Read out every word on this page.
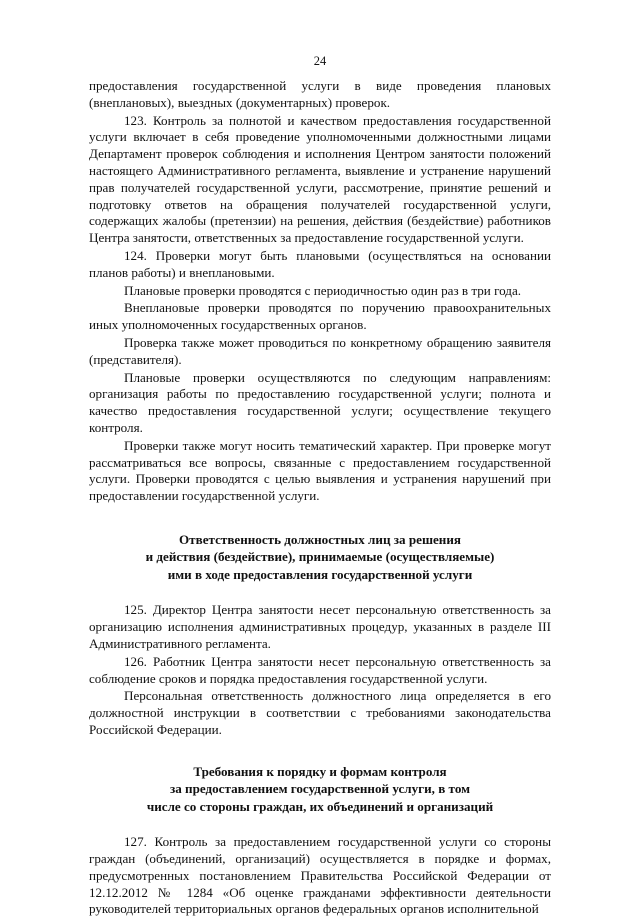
24

предоставления государственной услуги в виде проведения плановых (внеплановых), выездных (документарных) проверок.

123. Контроль за полнотой и качеством предоставления государственной услуги включает в себя проведение уполномоченными должностными лицами Департамент проверок соблюдения и исполнения Центром занятости положений настоящего Административного регламента, выявление и устранение нарушений прав получателей государственной услуги, рассмотрение, принятие решений и подготовку ответов на обращения получателей государственной услуги, содержащих жалобы (претензии) на решения, действия (бездействие) работников Центра занятости, ответственных за предоставление государственной услуги.

124. Проверки могут быть плановыми (осуществляться на основании планов работы) и внеплановыми.

Плановые проверки проводятся с периодичностью один раз в три года.

Внеплановые проверки проводятся по поручению правоохранительных иных уполномоченных государственных органов.

Проверка также может проводиться по конкретному обращению заявителя (представителя).

Плановые проверки осуществляются по следующим направлениям: организация работы по предоставлению государственной услуги; полнота и качество предоставления государственной услуги; осуществление текущего контроля.

Проверки также могут носить тематический характер. При проверке могут рассматриваться все вопросы, связанные с предоставлением государственной услуги. Проверки проводятся с целью выявления и устранения нарушений при предоставлении государственной услуги.

Ответственность должностных лиц за решения
и действия (бездействие), принимаемые (осуществляемые)
ими в ходе предоставления государственной услуги

125. Директор Центра занятости несет персональную ответственность за организацию исполнения административных процедур, указанных в разделе III Административного регламента.

126. Работник Центра занятости несет персональную ответственность за соблюдение сроков и порядка предоставления государственной услуги.

Персональная ответственность должностного лица определяется в его должностной инструкции в соответствии с требованиями законодательства Российской Федерации.

Требования к порядку и формам контроля
за предоставлением государственной услуги, в том
числе со стороны граждан, их объединений и организаций

127. Контроль за предоставлением государственной услуги со стороны граждан (объединений, организаций) осуществляется в порядке и формах, предусмотренных постановлением Правительства Российской Федерации от 12.12.2012 № 1284 «Об оценке гражданами эффективности деятельности руководителей территориальных органов федеральных органов исполнительной
